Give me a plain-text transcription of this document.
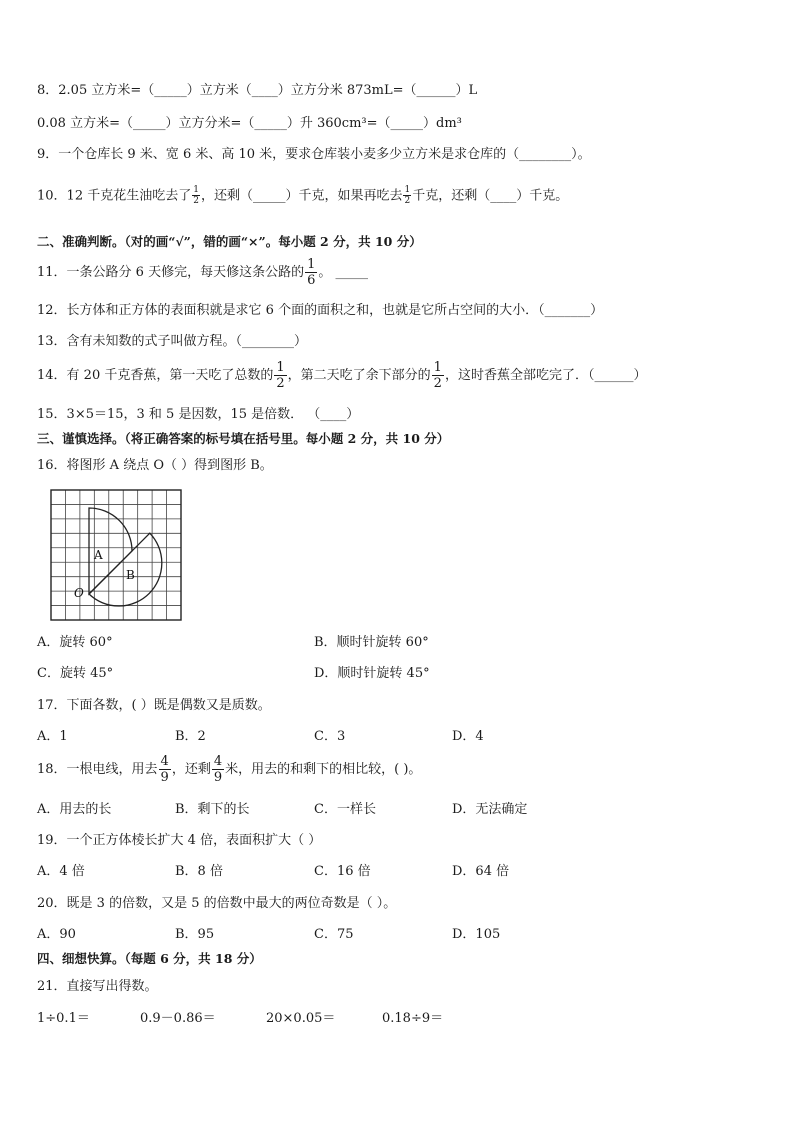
8．2.05 立方米=（_____）立方米（____）立方分米 873mL=（______）L
0.08 立方米=（_____）立方分米=（_____）升 360cm³=（_____）dm³
9．一个仓库长 9 米、宽 6 米、高 10 米，要求仓库装小麦多少立方米是求仓库的（________）。
10．12 千克花生油吃去了 $\frac{1}{2}$ ，还剩（_____）千克，如果再吃去 $\frac{1}{2}$ 千克，还剩（____）千克。
二、准确判断。（对的画“√”，错的画“×”。每小题 2 分，共 10 分）
11．一条公路分 6 天修完，每天修这条公路的 $\frac{1}{6}$ 。 _____
12．长方体和正方体的表面积就是求它 6 个面的面积之和，也就是它所占空间的大小．（_______）
13．含有未知数的式子叫做方程。（________）
14．有 20 千克香蕉，第一天吃了总数的 $\frac{1}{2}$ ，第二天吃了余下部分的 $\frac{1}{2}$ ，这时香蕉全部吃完了．（______）
15．3×5＝15，3 和 5 是因数，15 是倍数． （____）
三、谨慎选择。（将正确答案的标号填在括号里。每小题 2 分，共 10 分）
16．将图形 A 绕点 O（ ）得到图形 B。
A
B
O
A．旋转 60°	B．顺时针旋转 60°
C．旋转 45°	D．顺时针旋转 45°
17．下面各数，( ）既是偶数又是质数。
A．1	B．2	C．3	D．4
18．一根电线，用去 $\frac{4}{9}$ ，还剩 $\frac{4}{9}$ 米，用去的和剩下的相比较，( )。
A．用去的长	B．剩下的长	C．一样长	D．无法确定
19．一个正方体棱长扩大 4 倍，表面积扩大（ ）
A．4 倍	B．8 倍	C．16 倍	D．64 倍
20．既是 3 的倍数，又是 5 的倍数中最大的两位奇数是（ ）。
A．90	B．95	C．75	D．105
四、细想快算。（每题 6 分，共 18 分）
21．直接写出得数。
1÷0.1＝	0.9－0.86＝	20×0.05＝	0.18÷9＝
